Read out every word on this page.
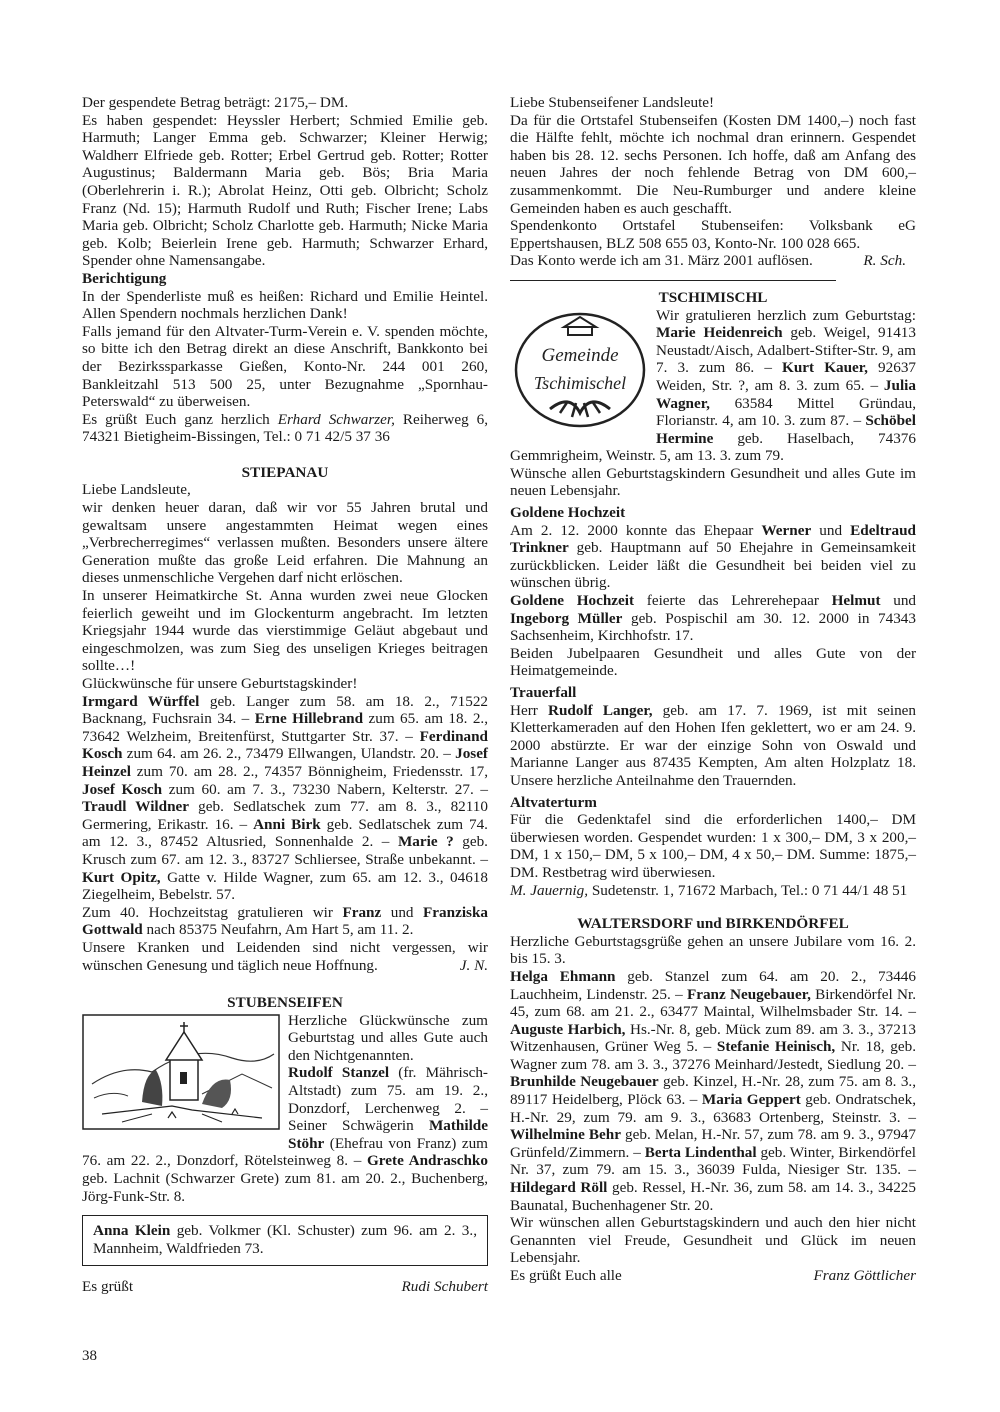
Der gespendete Betrag beträgt: 2175,– DM.

Es haben gespendet: Heyssler Herbert; Schmied Emilie geb. Harmuth; Langer Emma geb. Schwarzer; Kleiner Herwig; Waldherr Elfriede geb. Rotter; Erbel Gertrud geb. Rotter; Rotter Augustinus; Baldermann Maria geb. Bös; Bria Maria (Oberlehrerin i. R.); Abrolat Heinz, Otti geb. Olbricht; Scholz Franz (Nd. 15); Harmuth Rudolf und Ruth; Fischer Irene; Labs Maria geb. Olbricht; Scholz Charlotte geb. Harmuth; Nicke Maria geb. Kolb; Beierlein Irene geb. Harmuth; Schwarzer Erhard, Spender ohne Namensangabe.

Berichtigung

In der Spenderliste muß es heißen: Richard und Emilie Heintel. Allen Spendern nochmals herzlichen Dank!

Falls jemand für den Altvater-Turm-Verein e. V. spenden möchte, so bitte ich den Betrag direkt an diese Anschrift, Bankkonto bei der Bezirkssparkasse Gießen, Konto-Nr. 244 001 260, Bankleitzahl 513 500 25, unter Bezugnahme „Spornhau-Peterswald“ zu überweisen.

Es grüßt Euch ganz herzlich Erhard Schwarzer, Reiherweg 6, 74321 Bietigheim-Bissingen, Tel.: 0 71 42/5 37 36

STIEPANAU

Liebe Landsleute,

wir denken heuer daran, daß wir vor 55 Jahren brutal und gewaltsam unsere angestammten Heimat wegen eines „Verbrecherregimes“ verlassen mußten. Besonders unsere ältere Generation mußte das große Leid erfahren. Die Mahnung an dieses unmenschliche Vergehen darf nicht erlöschen.

In unserer Heimatkirche St. Anna wurden zwei neue Glocken feierlich geweiht und im Glockenturm angebracht. Im letzten Kriegsjahr 1944 wurde das vierstimmige Geläut abgebaut und eingeschmolzen, was zum Sieg des unseligen Krieges beitragen sollte…!

Glückwünsche für unsere Geburtstagskinder!

Irmgard Würffel geb. Langer zum 58. am 18. 2., 71522 Backnang, Fuchsrain 34. – Erne Hillebrand zum 65. am 18. 2., 73642 Welzheim, Breitenfürst, Stuttgarter Str. 37. – Ferdinand Kosch zum 64. am 26. 2., 73479 Ellwangen, Ulandstr. 20. – Josef Heinzel zum 70. am 28. 2., 74357 Bönnigheim, Friedensstr. 17, Josef Kosch zum 60. am 7. 3., 73230 Nabern, Kelterstr. 27. – Traudl Wildner geb. Sedlatschek zum 77. am 8. 3., 82110 Germering, Erikastr. 16. – Anni Birk geb. Sedlatschek zum 74. am 12. 3., 87452 Altusried, Sonnenhalde 2. – Marie ? geb. Krusch zum 67. am 12. 3., 83727 Schliersee, Straße unbekannt. – Kurt Opitz, Gatte v. Hilde Wagner, zum 65. am 12. 3., 04618 Ziegelheim, Bebelstr. 57.

Zum 40. Hochzeitstag gratulieren wir Franz und Franziska Gottwald nach 85375 Neufahrn, Am Hart 5, am 11. 2.

Unsere Kranken und Leidenden sind nicht vergessen, wir wünschen Genesung und täglich neue Hoffnung.	J. N.

STUBENSEIFEN

Herzliche Glückwünsche zum Geburtstag und alles Gute auch den Nichtgenannten.

Rudolf Stanzel (fr. Mährisch-Altstadt) zum 75. am 19. 2., Donzdorf, Lerchenweg 2. – Seiner Schwägerin Mathilde Stöhr (Ehefrau von Franz) zum 76. am 22. 2., Donzdorf, Rötelsteinweg 8. – Grete Andraschko geb. Lachnit (Schwarzer Grete) zum 81. am 20. 2., Buchenberg, Jörg-Funk-Str. 8.

Anna Klein geb. Volkmer (Kl. Schuster) zum 96. am 2. 3., Mannheim, Waldfrieden 73.

Es grüßt	Rudi Schubert

Liebe Stubenseifener Landsleute!

Da für die Ortstafel Stubenseifen (Kosten DM 1400,–) noch fast die Hälfte fehlt, möchte ich nochmal dran erinnern. Gespendet haben bis 28. 12. sechs Personen. Ich hoffe, daß am Anfang des neuen Jahres der noch fehlende Betrag von DM 600,– zusammenkommt. Die Neu-Rumburger und andere kleine Gemeinden haben es auch geschafft.

Spendenkonto Ortstafel Stubenseifen: Volksbank eG Eppertshausen, BLZ 508 655 03, Konto-Nr. 100 028 665.

Das Konto werde ich am 31. März 2001 auflösen.	R. Sch.

TSCHIMISCHL

Gemeinde
Tschimischel

Wir gratulieren herzlich zum Geburtstag: Marie Heidenreich geb. Weigel, 91413 Neustadt/Aisch, Adalbert-Stifter-Str. 9, am 7. 3. zum 86. – Kurt Kauer, 92637 Weiden, Str. ?, am 8. 3. zum 65. – Julia Wagner, 63584 Mittel Gründau, Florianstr. 4, am 10. 3. zum 87. – Schöbel Hermine geb. Haselbach, 74376 Gemmrigheim, Weinstr. 5, am 13. 3. zum 79.

Wünsche allen Geburtstagskindern Gesundheit und alles Gute im neuen Lebensjahr.

Goldene Hochzeit

Am 2. 12. 2000 konnte das Ehepaar Werner und Edeltraud Trinkner geb. Hauptmann auf 50 Ehejahre in Gemeinsamkeit zurückblicken. Leider läßt die Gesundheit bei beiden viel zu wünschen übrig.

Goldene Hochzeit feierte das Lehrerehepaar Helmut und Ingeborg Müller geb. Pospischil am 30. 12. 2000 in 74343 Sachsenheim, Kirchhofstr. 17.

Beiden Jubelpaaren Gesundheit und alles Gute von der Heimatgemeinde.

Trauerfall

Herr Rudolf Langer, geb. am 17. 7. 1969, ist mit seinen Kletterkameraden auf den Hohen Ifen geklettert, wo er am 24. 9. 2000 abstürzte. Er war der einzige Sohn von Oswald und Marianne Langer aus 87435 Kempten, Am alten Holzplatz 18. Unsere herzliche Anteilnahme den Trauernden.

Altvaterturm

Für die Gedenktafel sind die erforderlichen 1400,– DM überwiesen worden. Gespendet wurden: 1 x 300,– DM, 3 x 200,– DM, 1 x 150,– DM, 5 x 100,– DM, 4 x 50,– DM. Summe: 1875,– DM. Restbetrag wird überwiesen.

M. Jauernig, Sudetenstr. 1, 71672 Marbach, Tel.: 0 71 44/1 48 51

WALTERSDORF und BIRKENDÖRFEL

Herzliche Geburtstagsgrüße gehen an unsere Jubilare vom 16. 2. bis 15. 3.

Helga Ehmann geb. Stanzel zum 64. am 20. 2., 73446 Lauchheim, Lindenstr. 25. – Franz Neugebauer, Birkendörfel Nr. 45, zum 68. am 21. 2., 63477 Maintal, Wilhelmsbader Str. 14. – Auguste Harbich, Hs.-Nr. 8, geb. Mück zum 89. am 3. 3., 37213 Witzenhausen, Grüner Weg 5. – Stefanie Heinisch, Nr. 18, geb. Wagner zum 78. am 3. 3., 37276 Meinhard/Jestedt, Siedlung 20. – Brunhilde Neugebauer geb. Kinzel, H.-Nr. 28, zum 75. am 8. 3., 89117 Heidelberg, Plöck 63. – Maria Geppert geb. Ondratschek, H.-Nr. 29, zum 79. am 9. 3., 63683 Ortenberg, Steinstr. 3. – Wilhelmine Behr geb. Melan, H.-Nr. 57, zum 78. am 9. 3., 97947 Grünfeld/Zimmern. – Berta Lindenthal geb. Winter, Birkendörfel Nr. 37, zum 79. am 15. 3., 36039 Fulda, Niesiger Str. 135. – Hildegard Röll geb. Ressel, H.-Nr. 36, zum 58. am 14. 3., 34225 Baunatal, Buchenhagener Str. 20.

Wir wünschen allen Geburtstagskindern und auch den hier nicht Genannten viel Freude, Gesundheit und Glück im neuen Lebensjahr.

Es grüßt Euch alle	Franz Göttlicher
38
